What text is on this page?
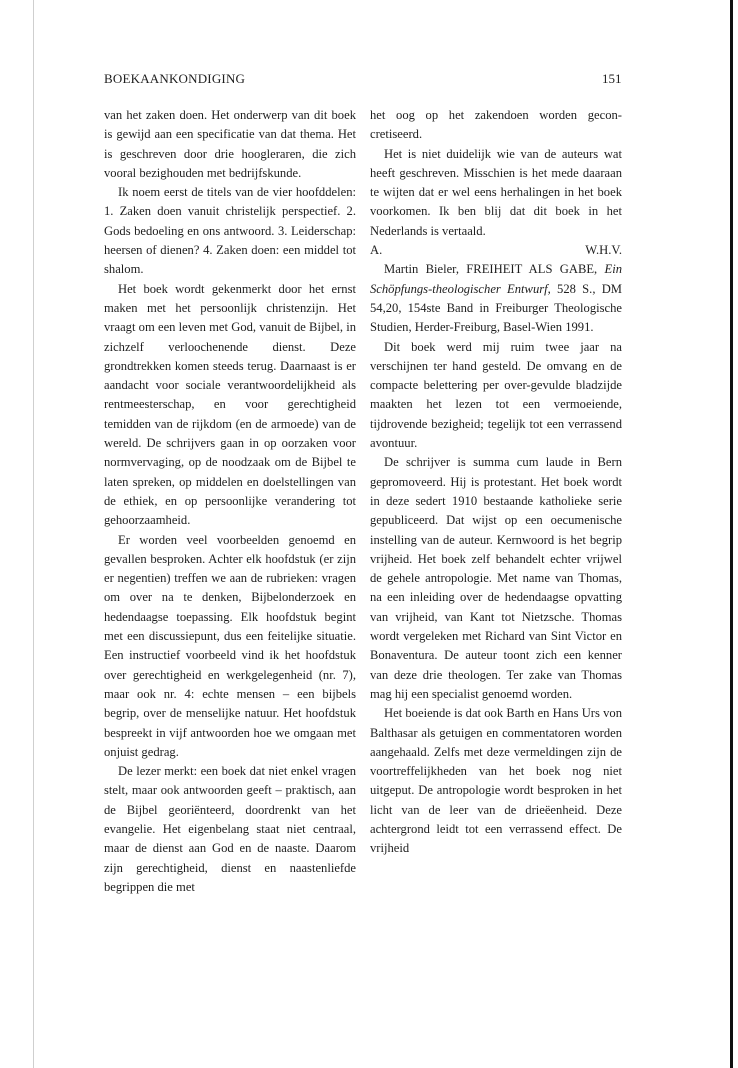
BOEKAANKONDIGING	151

van het zaken doen. Het onderwerp van dit boek is gewijd aan een specificatie van dat thema. Het is geschreven door drie hoogleraren, die zich vooral bezighouden met bedrijfskunde.

Ik noem eerst de titels van de vier hoofddelen: 1. Zaken doen vanuit christelijk perspectief. 2. Gods bedoeling en ons antwoord. 3. Leiderschap: heersen of dienen? 4. Zaken doen: een middel tot shalom.

Het boek wordt gekenmerkt door het ernst maken met het persoonlijk christenzijn. Het vraagt om een leven met God, vanuit de Bijbel, in zichzelf verloochenende dienst. Deze grondtrekken komen steeds terug. Daarnaast is er aandacht voor sociale verantwoordelijkheid als rentmeesterschap, en voor gerechtigheid temidden van de rijkdom (en de armoede) van de wereld. De schrijvers gaan in op oorzaken voor normvervaging, op de noodzaak om de Bijbel te laten spreken, op middelen en doelstellingen van de ethiek, en op persoonlijke verandering tot gehoorzaamheid.

Er worden veel voorbeelden genoemd en gevallen besproken. Achter elk hoofdstuk (er zijn er negentien) treffen we aan de rubrieken: vragen om over na te denken, Bijbelonderzoek en hedendaagse toepassing. Elk hoofdstuk begint met een discussiepunt, dus een feitelijke situatie. Een instructief voorbeeld vind ik het hoofdstuk over gerechtigheid en werkgelegenheid (nr. 7), maar ook nr. 4: echte mensen – een bijbels begrip, over de menselijke natuur. Het hoofdstuk bespreekt in vijf antwoorden hoe we omgaan met onjuist gedrag.

De lezer merkt: een boek dat niet enkel vragen stelt, maar ook antwoorden geeft – praktisch, aan de Bijbel georiënteerd, doordrenkt van het evangelie. Het eigenbelang staat niet centraal, maar de dienst aan God en de naaste. Daarom zijn gerechtigheid, dienst en naastenliefde begrippen die met

het oog op het zakendoen worden geconcretiseerd.

Het is niet duidelijk wie van de auteurs wat heeft geschreven. Misschien is het mede daaraan te wijten dat er wel eens herhalingen in het boek voorkomen. Ik ben blij dat dit boek in het Nederlands is vertaald.

A.	W.H.V.

Martin Bieler, FREIHEIT ALS GABE, Ein Schöpfungs-theologischer Entwurf, 528 S., DM 54,20, 154ste Band in Freiburger Theologische Studien, Herder-Freiburg, Basel-Wien 1991.

Dit boek werd mij ruim twee jaar na verschijnen ter hand gesteld. De omvang en de compacte belettering per over-gevulde bladzijde maakten het lezen tot een vermoeiende, tijdrovende bezigheid; tegelijk tot een verrassend avontuur.

De schrijver is summa cum laude in Bern gepromoveerd. Hij is protestant. Het boek wordt in deze sedert 1910 bestaande katholieke serie gepubliceerd. Dat wijst op een oecumenische instelling van de auteur. Kernwoord is het begrip vrijheid. Het boek zelf behandelt echter vrijwel de gehele antropologie. Met name van Thomas, na een inleiding over de hedendaagse opvatting van vrijheid, van Kant tot Nietzsche. Thomas wordt vergeleken met Richard van Sint Victor en Bonaventura. De auteur toont zich een kenner van deze drie theologen. Ter zake van Thomas mag hij een specialist genoemd worden.

Het boeiende is dat ook Barth en Hans Urs von Balthasar als getuigen en commentatoren worden aangehaald. Zelfs met deze vermeldingen zijn de voortreffelijkheden van het boek nog niet uitgeput. De antropologie wordt besproken in het licht van de leer van de drieëenheid. Deze achtergrond leidt tot een verrassend effect. De vrijheid
